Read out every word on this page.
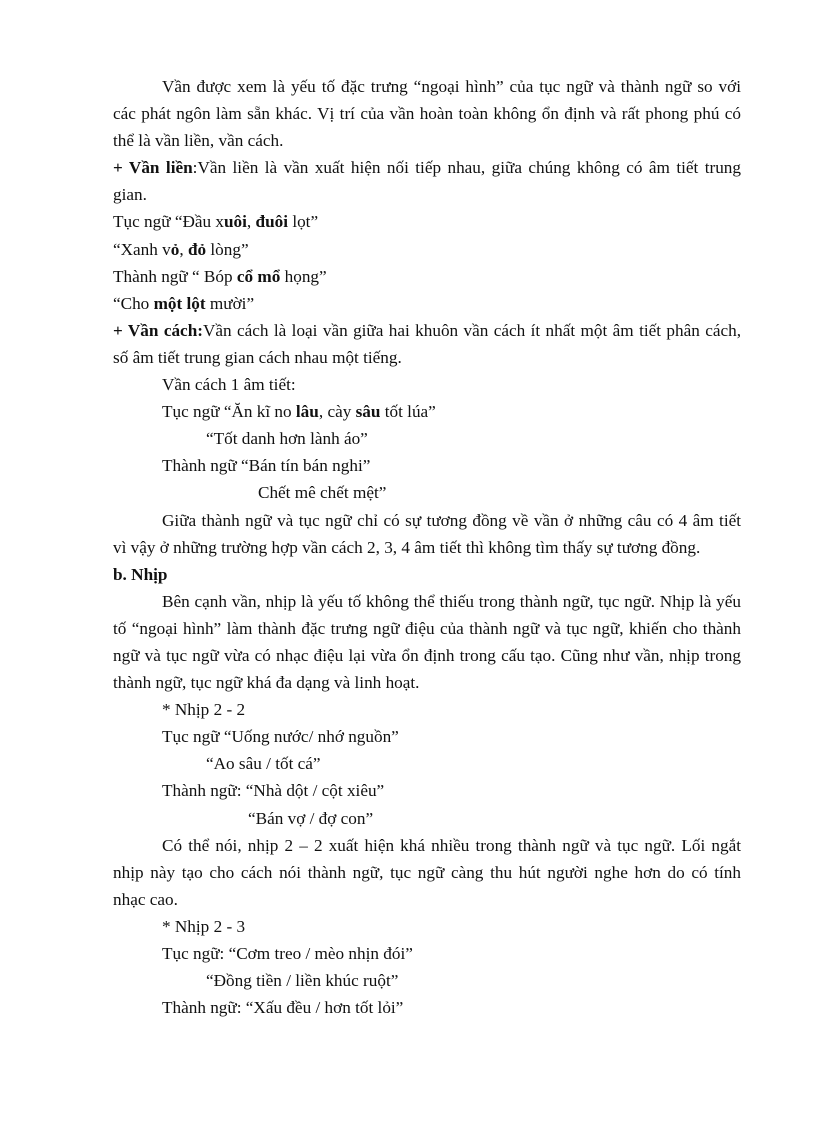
Vần được xem là yếu tố đặc trưng “ngoại hình” của tục ngữ và thành ngữ so với
các phát ngôn làm sẵn khác. Vị trí của vần hoàn toàn không ổn định và rất phong phú có
thể là vần liền, vần cách.
+ Vần liền:Vần liền là vần xuất hiện nối tiếp nhau, giữa chúng không có âm tiết trung
gian.
Tục ngữ “Đầu xuôi, đuôi lọt”
“Xanh vỏ, đỏ lòng”
Thành ngữ “ Bóp cổ mổ họng”
“Cho một lột mười”
+ Vần cách:Vần cách là loại vần giữa hai khuôn vần cách ít nhất một âm tiết phân cách,
số âm tiết trung gian cách nhau một tiếng.
Vần cách 1 âm tiết:
Tục ngữ “Ăn kĩ no lâu, cày sâu tốt lúa”
“Tốt danh hơn lành áo”
Thành ngữ “Bán tín bán nghi”
Chết mê chết mệt”
Giữa thành ngữ và tục ngữ chỉ có sự tương đồng về vần ở những câu có 4 âm tiết
vì vậy ở những trường hợp vần cách 2, 3, 4 âm tiết thì không tìm thấy sự tương đồng.
b. Nhịp
Bên cạnh vần, nhịp là yếu tố không thể thiếu trong thành ngữ, tục ngữ. Nhịp là yếu
tố “ngoại hình” làm thành đặc trưng ngữ điệu của thành ngữ và tục ngữ, khiến cho thành
ngữ và tục ngữ vừa có nhạc điệu lại vừa ổn định trong cấu tạo. Cũng như vần, nhịp trong
thành ngữ, tục ngữ khá đa dạng và linh hoạt.
* Nhịp 2 - 2
Tục ngữ “Uống nước/ nhớ nguồn”
“Ao sâu / tốt cá”
Thành ngữ: “Nhà dột / cột xiêu”
“Bán vợ / đợ con”
Có thể nói, nhịp 2 – 2 xuất hiện khá nhiều trong thành ngữ và tục ngữ. Lối ngắt
nhịp này tạo cho cách nói thành ngữ, tục ngữ càng thu hút người nghe hơn do có tính
nhạc cao.
* Nhịp 2 - 3
Tục ngữ: “Cơm treo / mèo nhịn đói”
“Đồng tiền / liền khúc ruột”
Thành ngữ: “Xấu đều / hơn tốt lỏi”
